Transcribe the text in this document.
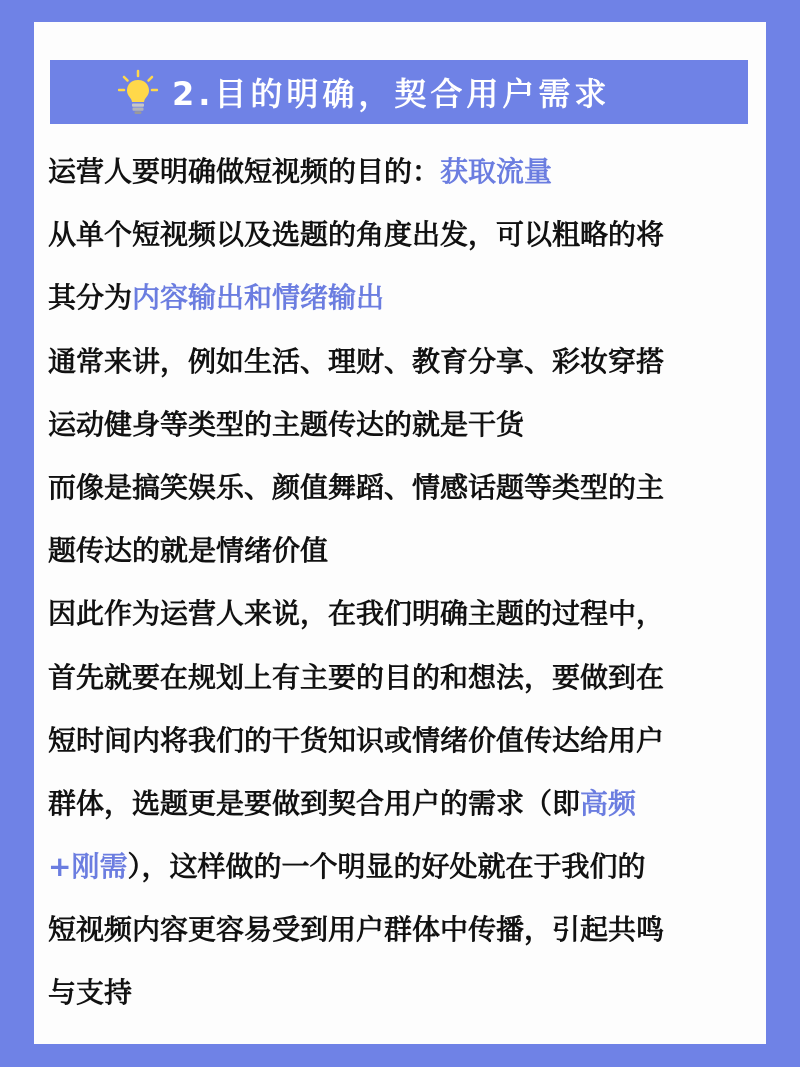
2.目的明确，契合用户需求
运营人要明确做短视频的目的：获取流量
从单个短视频以及选题的角度出发，可以粗略的将
其分为内容输出和情绪输出
通常来讲，例如生活、理财、教育分享、彩妆穿搭
运动健身等类型的主题传达的就是干货
而像是搞笑娱乐、颜值舞蹈、情感话题等类型的主
题传达的就是情绪价值
因此作为运营人来说，在我们明确主题的过程中，
首先就要在规划上有主要的目的和想法，要做到在
短时间内将我们的干货知识或情绪价值传达给用户
群体，选题更是要做到契合用户的需求（即高频
+刚需），这样做的一个明显的好处就在于我们的
短视频内容更容易受到用户群体中传播，引起共鸣
与支持
